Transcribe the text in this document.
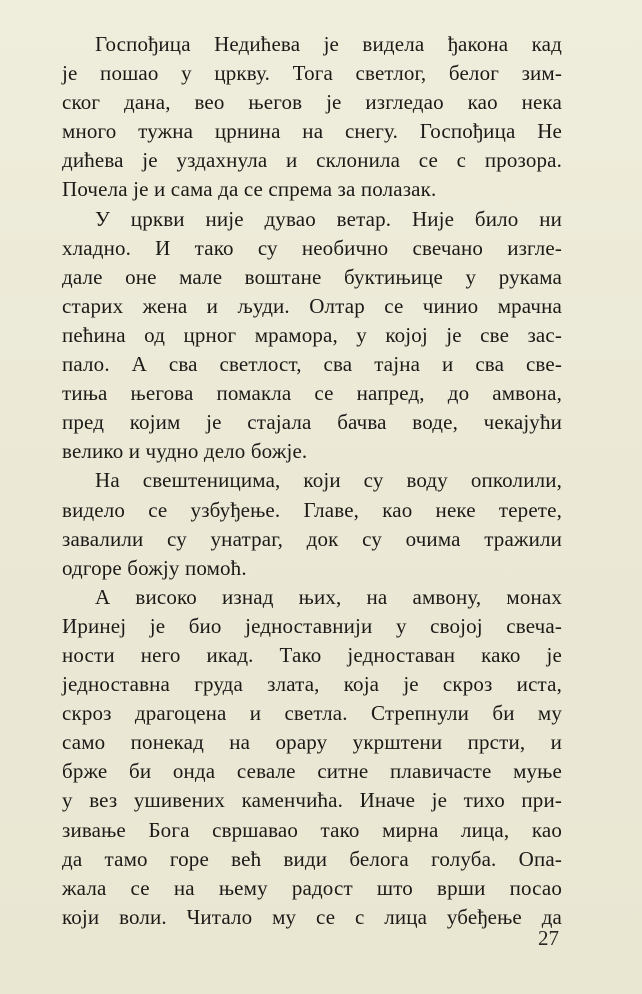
Госпођица Недићева је видела ђакона кад
је пошао у цркву. Тога светлог, белог зим-
ског дана, вео његов је изгледао као нека
много тужна црнина на снегу. Госпођица Не
дићева је уздахнула и склонила се с прозора.
Почела је и сама да се спрема за полазак.
У цркви није дувао ветар. Није било ни
хладно. И тако су необично свечано изгле-
дале оне мале воштане буктињице у рукама
старих жена и људи. Олтар се чинио мрачна
пећина од црног мрамора, у којој је све зас-
пало. А сва светлост, сва тајна и сва све-
тиња његова помакла се напред, до амвона,
пред којим је стајала бачва воде, чекајући
велико и чудно дело божје.
На свештеницима, који су воду опколили,
видело се узбуђење. Главе, као неке терете,
завалили су унатраг, док су очима тражили
одгоре божју помоћ.
А високо изнад њих, на амвону, монах
Иринеј је био једноставнији у својој свеча-
ности него икад. Тако једноставан како је
једноставна груда злата, која је скроз иста,
скроз драгоцена и светла. Стрепнули би му
само понекад на орару укрштени прсти, и
брже би онда севале ситне плавичасте муње
у вез ушивених каменчића. Иначе је тихо при-
зивање Бога свршавао тако мирна лица, као
да тамо горе већ види белога голуба. Опа-
жала се на њему радост што врши посао
који воли. Читало му се с лица убеђење да
27
